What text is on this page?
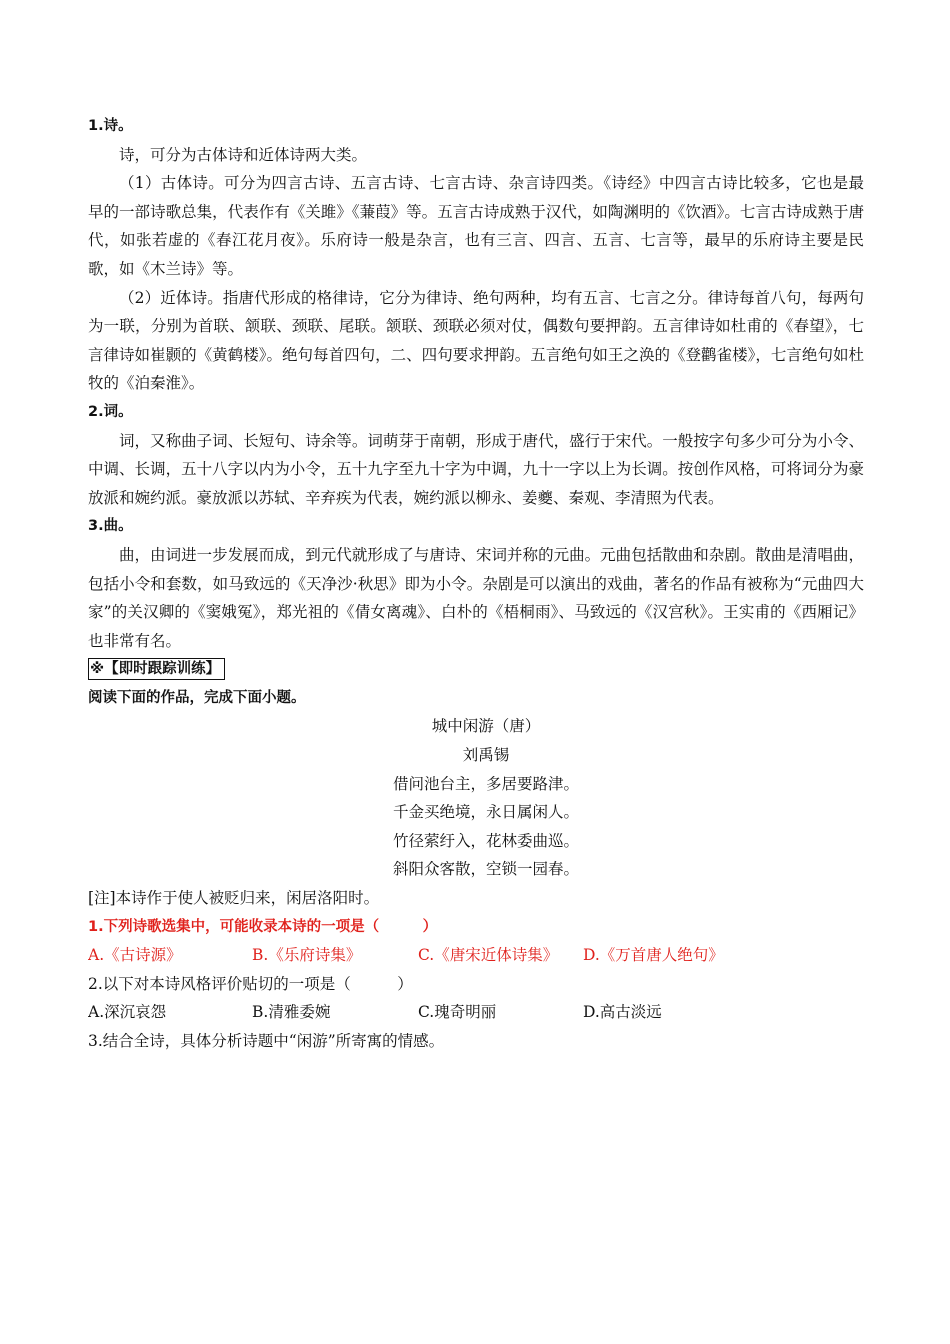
1.诗。
诗，可分为古体诗和近体诗两大类。
（1）古体诗。可分为四言古诗、五言古诗、七言古诗、杂言诗四类。《诗经》中四言古诗比较多，它也是最早的一部诗歌总集，代表作有《关雎》《蒹葭》等。五言古诗成熟于汉代，如陶渊明的《饮酒》。七言古诗成熟于唐代，如张若虚的《春江花月夜》。乐府诗一般是杂言，也有三言、四言、五言、七言等，最早的乐府诗主要是民歌，如《木兰诗》等。
（2）近体诗。指唐代形成的格律诗，它分为律诗、绝句两种，均有五言、七言之分。律诗每首八句，每两句为一联，分别为首联、颔联、颈联、尾联。颔联、颈联必须对仗，偶数句要押韵。五言律诗如杜甫的《春望》，七言律诗如崔颢的《黄鹤楼》。绝句每首四句，二、四句要求押韵。五言绝句如王之涣的《登鹳雀楼》，七言绝句如杜牧的《泊秦淮》。
2.词。
词，又称曲子词、长短句、诗余等。词萌芽于南朝，形成于唐代，盛行于宋代。一般按字句多少可分为小令、中调、长调，五十八字以内为小令，五十九字至九十字为中调，九十一字以上为长调。按创作风格，可将词分为豪放派和婉约派。豪放派以苏轼、辛弃疾为代表，婉约派以柳永、姜夔、秦观、李清照为代表。
3.曲。
曲，由词进一步发展而成，到元代就形成了与唐诗、宋词并称的元曲。元曲包括散曲和杂剧。散曲是清唱曲，包括小令和套数，如马致远的《天净沙·秋思》即为小令。杂剧是可以演出的戏曲，著名的作品有被称为“元曲四大家”的关汉卿的《窦娥冤》，郑光祖的《倩女离魂》、白朴的《梧桐雨》、马致远的《汉宫秋》。王实甫的《西厢记》也非常有名。
※【即时跟踪训练】
阅读下面的作品，完成下面小题。
城中闲游（唐）
刘禹锡
借问池台主，多居要路津。
千金买绝境，永日属闲人。
竹径萦纡入，花林委曲巡。
斜阳众客散，空锁一园春。
[注]本诗作于使人被贬归来，闲居洛阳时。
1.下列诗歌选集中，可能收录本诗的一项是（　　　）
A.《古诗源》	B.《乐府诗集》	C.《唐宋近体诗集》	D.《万首唐人绝句》
2.以下对本诗风格评价贴切的一项是（　　　）
A.深沉哀怨	B.清雅委婉	C.瑰奇明丽	D.高古淡远
3.结合全诗，具体分析诗题中“闲游”所寄寓的情感。
